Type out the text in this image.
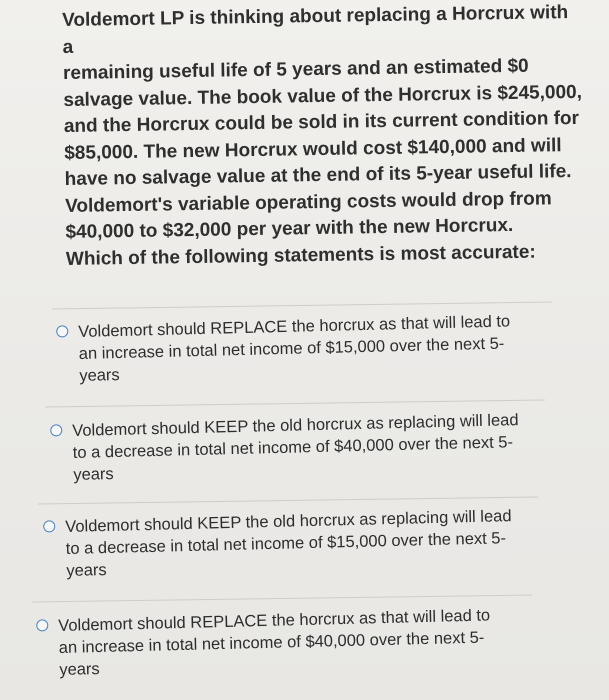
Voldemort LP is thinking about replacing a Horcrux with a

remaining useful life of 5 years and an estimated $0

salvage value. The book value of the Horcrux is $245,000,

and the Horcrux could be sold in its current condition for

$85,000. The new Horcrux would cost $140,000 and will

have no salvage value at the end of its 5-year useful life.

Voldemort's variable operating costs would drop from

$40,000 to $32,000 per year with the new Horcrux.

Which of the following statements is most accurate:

Voldemort should REPLACE the horcrux as that will lead to
an increase in total net income of $15,000 over the next 5-
years
Voldemort should KEEP the old horcrux as replacing will lead
to a decrease in total net income of $40,000 over the next 5-
years
Voldemort should KEEP the old horcrux as replacing will lead
to a decrease in total net income of $15,000 over the next 5-
years
Voldemort should REPLACE the horcrux as that will lead to
an increase in total net income of $40,000 over the next 5-
years
